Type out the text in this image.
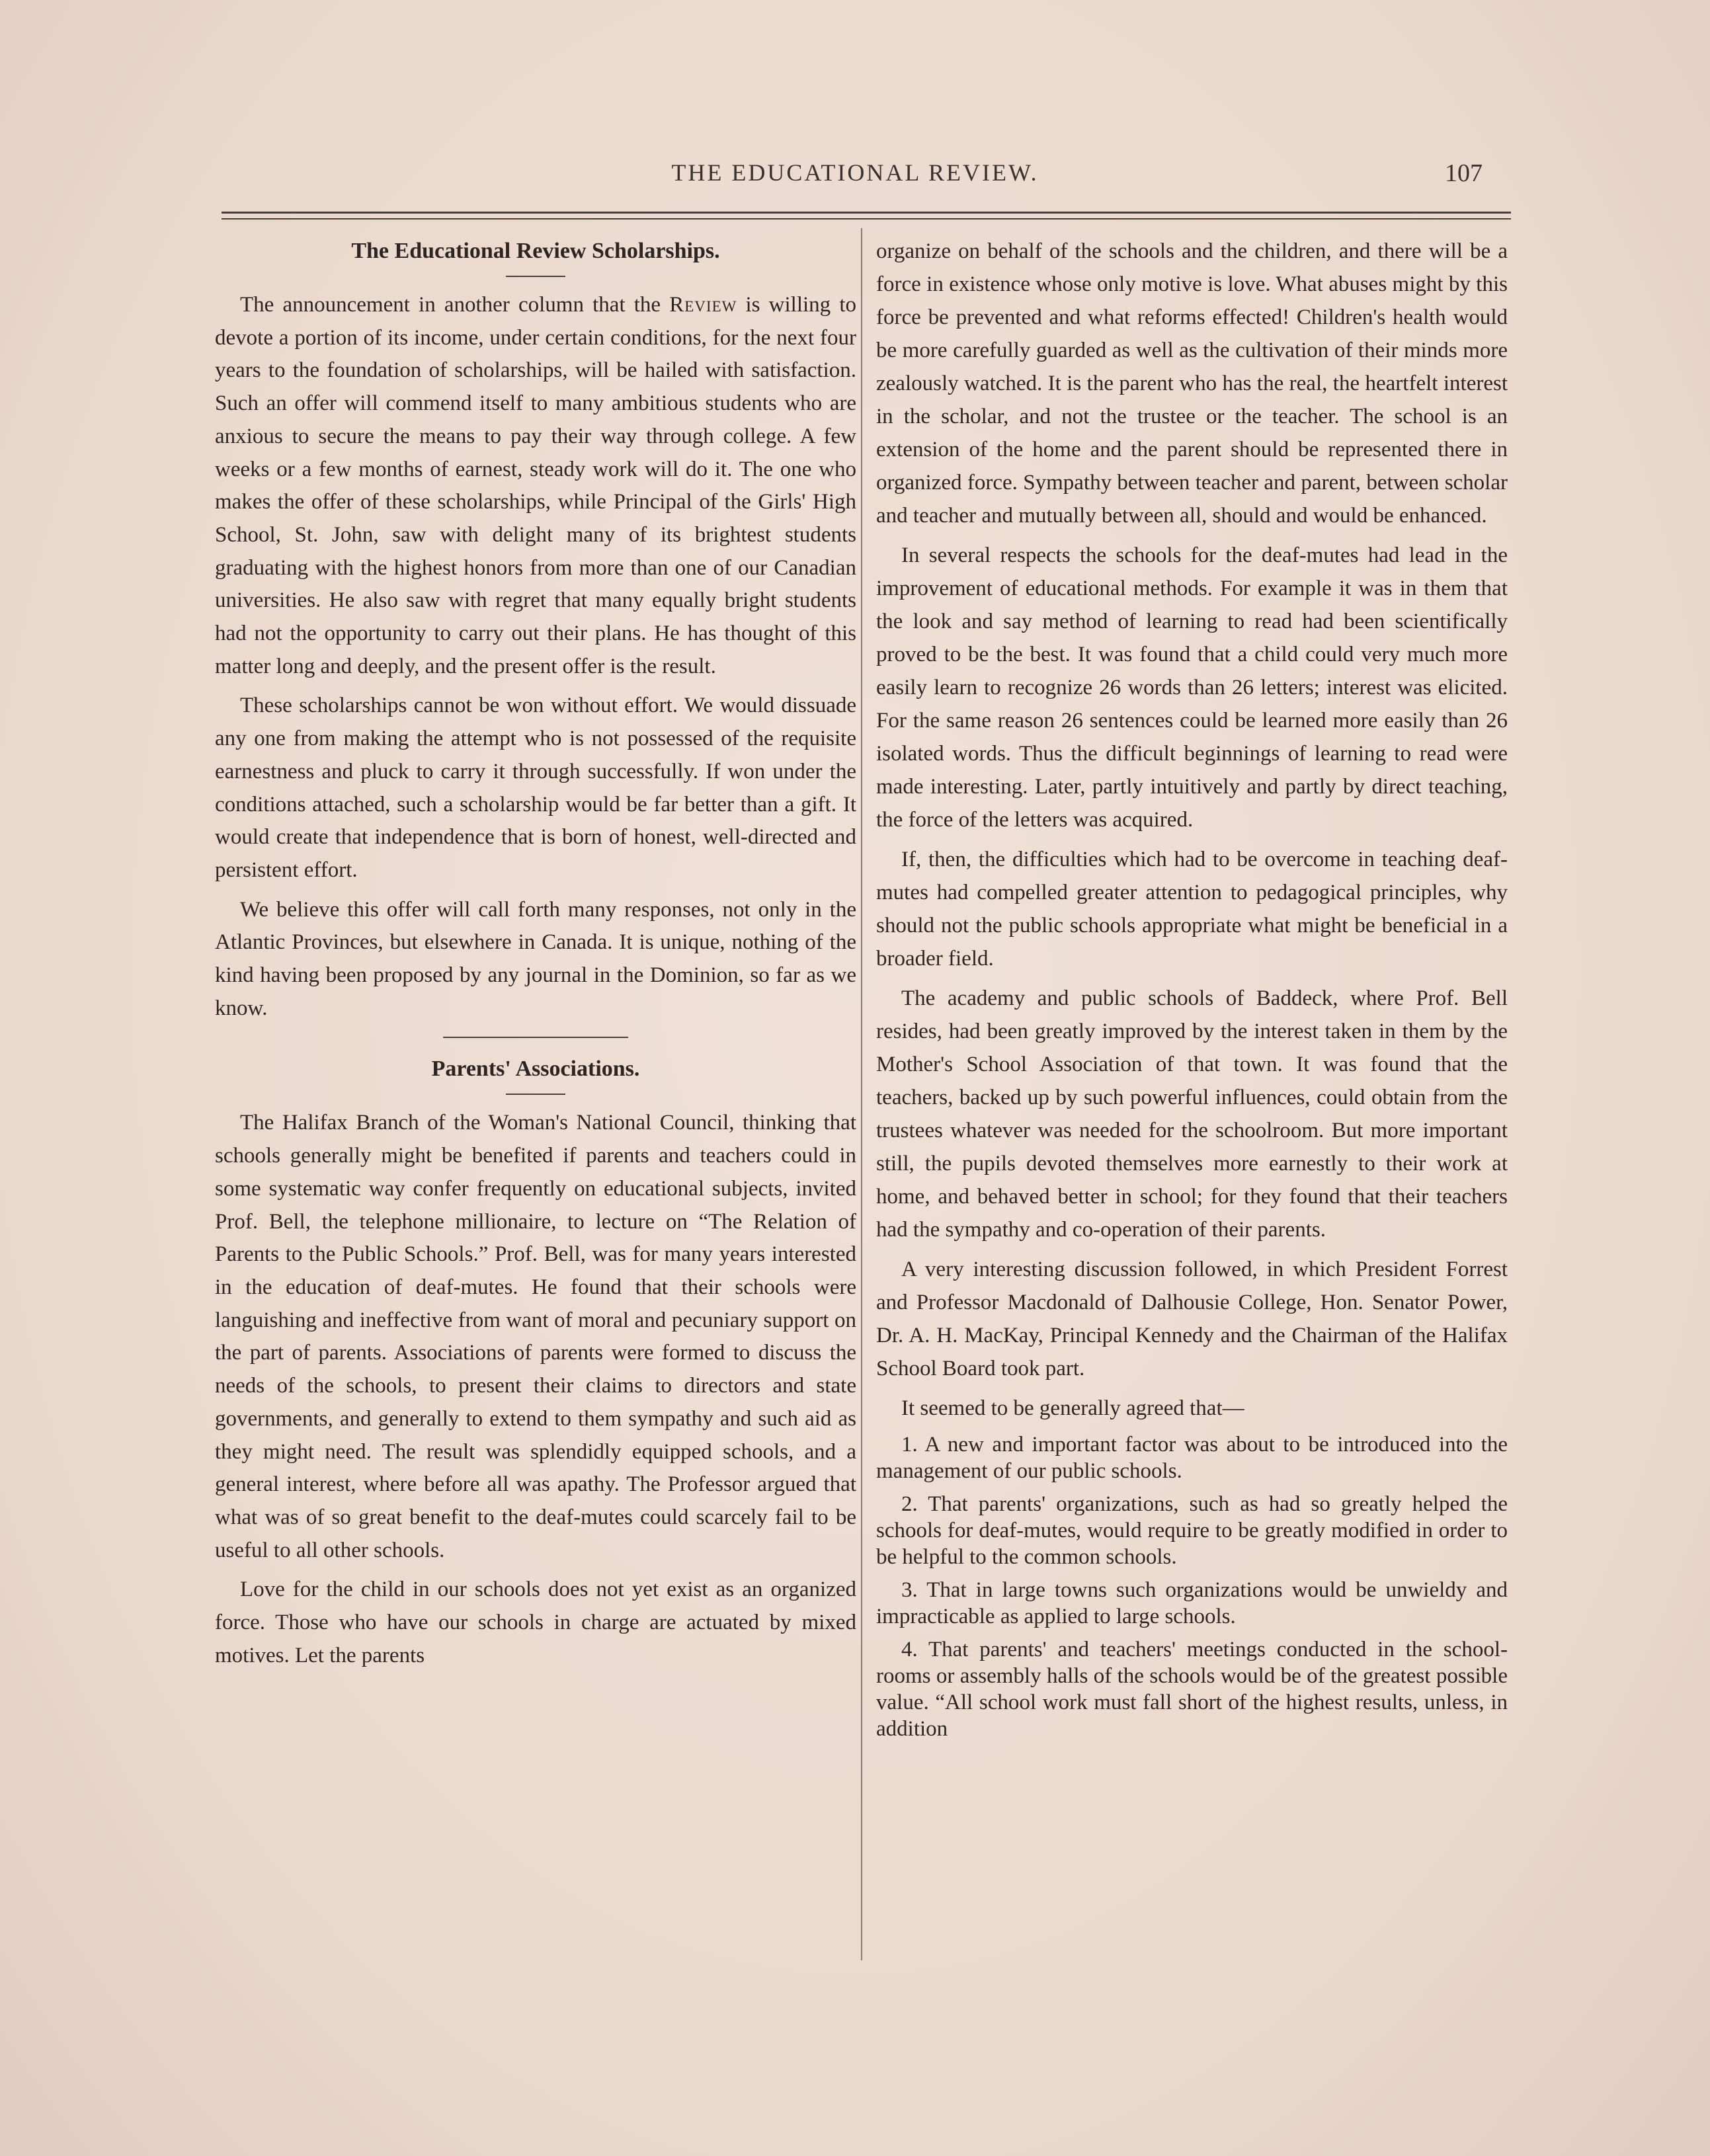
THE EDUCATIONAL REVIEW.	107
The Educational Review Scholarships.

The announcement in another column that the Review is willing to devote a portion of its income, under certain conditions, for the next four years to the foundation of scholarships, will be hailed with satisfaction. Such an offer will commend itself to many ambitious students who are anxious to secure the means to pay their way through college. A few weeks or a few months of earnest, steady work will do it. The one who makes the offer of these scholarships, while Principal of the Girls' High School, St. John, saw with delight many of its brightest students graduating with the highest honors from more than one of our Canadian universities. He also saw with regret that many equally bright students had not the opportunity to carry out their plans. He has thought of this matter long and deeply, and the present offer is the result.

These scholarships cannot be won without effort. We would dissuade any one from making the attempt who is not possessed of the requisite earnestness and pluck to carry it through successfully. If won under the conditions attached, such a scholarship would be far better than a gift. It would create that independence that is born of honest, well-directed and persistent effort.

We believe this offer will call forth many responses, not only in the Atlantic Provinces, but elsewhere in Canada. It is unique, nothing of the kind having been proposed by any journal in the Dominion, so far as we know.

Parents' Associations.

The Halifax Branch of the Woman's National Council, thinking that schools generally might be benefited if parents and teachers could in some systematic way confer frequently on educational subjects, invited Prof. Bell, the telephone millionaire, to lecture on “The Relation of Parents to the Public Schools.” Prof. Bell, was for many years interested in the education of deaf-mutes. He found that their schools were languishing and ineffective from want of moral and pecuniary support on the part of parents. Associations of parents were formed to discuss the needs of the schools, to present their claims to directors and state governments, and generally to extend to them sympathy and such aid as they might need. The result was splendidly equipped schools, and a general interest, where before all was apathy. The Professor argued that what was of so great benefit to the deaf-mutes could scarcely fail to be useful to all other schools.

Love for the child in our schools does not yet exist as an organized force. Those who have our schools in charge are actuated by mixed motives. Let the parents

organize on behalf of the schools and the children, and there will be a force in existence whose only motive is love. What abuses might by this force be prevented and what reforms effected! Children's health would be more carefully guarded as well as the cultivation of their minds more zealously watched. It is the parent who has the real, the heartfelt interest in the scholar, and not the trustee or the teacher. The school is an extension of the home and the parent should be represented there in organized force. Sympathy between teacher and parent, between scholar and teacher and mutually between all, should and would be enhanced.

In several respects the schools for the deaf-mutes had lead in the improvement of educational methods. For example it was in them that the look and say method of learning to read had been scientifically proved to be the best. It was found that a child could very much more easily learn to recognize 26 words than 26 letters; interest was elicited. For the same reason 26 sentences could be learned more easily than 26 isolated words. Thus the difficult beginnings of learning to read were made interesting. Later, partly intuitively and partly by direct teaching, the force of the letters was acquired.

If, then, the difficulties which had to be overcome in teaching deaf-mutes had compelled greater attention to pedagogical principles, why should not the public schools appropriate what might be beneficial in a broader field.

The academy and public schools of Baddeck, where Prof. Bell resides, had been greatly improved by the interest taken in them by the Mother's School Association of that town. It was found that the teachers, backed up by such powerful influences, could obtain from the trustees whatever was needed for the schoolroom. But more important still, the pupils devoted themselves more earnestly to their work at home, and behaved better in school; for they found that their teachers had the sympathy and co-operation of their parents.

A very interesting discussion followed, in which President Forrest and Professor Macdonald of Dalhousie College, Hon. Senator Power, Dr. A. H. MacKay, Principal Kennedy and the Chairman of the Halifax School Board took part.

It seemed to be generally agreed that—

1. A new and important factor was about to be introduced into the management of our public schools.

2. That parents' organizations, such as had so greatly helped the schools for deaf-mutes, would require to be greatly modified in order to be helpful to the common schools.

3. That in large towns such organizations would be unwieldy and impracticable as applied to large schools.

4. That parents' and teachers' meetings conducted in the school-rooms or assembly halls of the schools would be of the greatest possible value. “All school work must fall short of the highest results, unless, in addition
